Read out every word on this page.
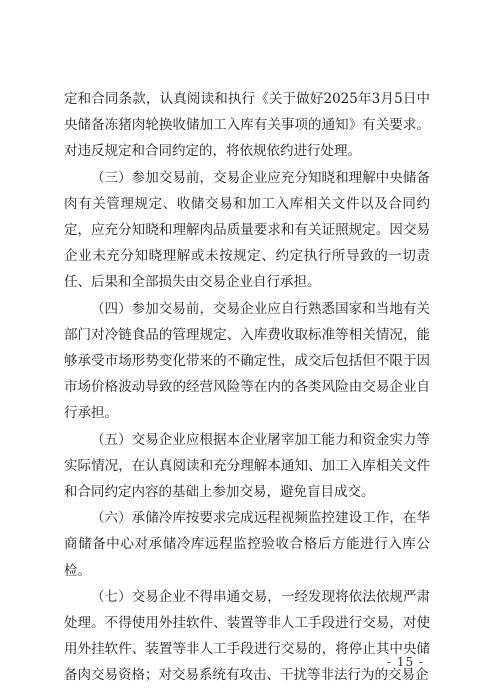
定和合同条款，认真阅读和执行《关于做好2025年3月5日中央储备冻猪肉轮换收储加工入库有关事项的通知》有关要求。对违反规定和合同约定的，将依规依约进行处理。

（三）参加交易前，交易企业应充分知晓和理解中央储备肉有关管理规定、收储交易和加工入库相关文件以及合同约定，应充分知晓和理解肉品质量要求和有关证照规定。因交易企业未充分知晓理解或未按规定、约定执行所导致的一切责任、后果和全部损失由交易企业自行承担。

（四）参加交易前，交易企业应自行熟悉国家和当地有关部门对冷链食品的管理规定、入库费收取标准等相关情况，能够承受市场形势变化带来的不确定性，成交后包括但不限于因市场价格波动导致的经营风险等在内的各类风险由交易企业自行承担。

（五）交易企业应根据本企业屠宰加工能力和资金实力等实际情况，在认真阅读和充分理解本通知、加工入库相关文件和合同约定内容的基础上参加交易，避免盲目成交。

（六）承储冷库按要求完成远程视频监控建设工作，在华商储备中心对承储冷库远程监控验收合格后方能进行入库公检。

（七）交易企业不得串通交易，一经发现将依法依规严肃处理。不得使用外挂软件、装置等非人工手段进行交易，对使用外挂软件、装置等非人工手段进行交易的，将停止其中央储备肉交易资格；对交易系统有攻击、干扰等非法行为的交易企

- 15 -
